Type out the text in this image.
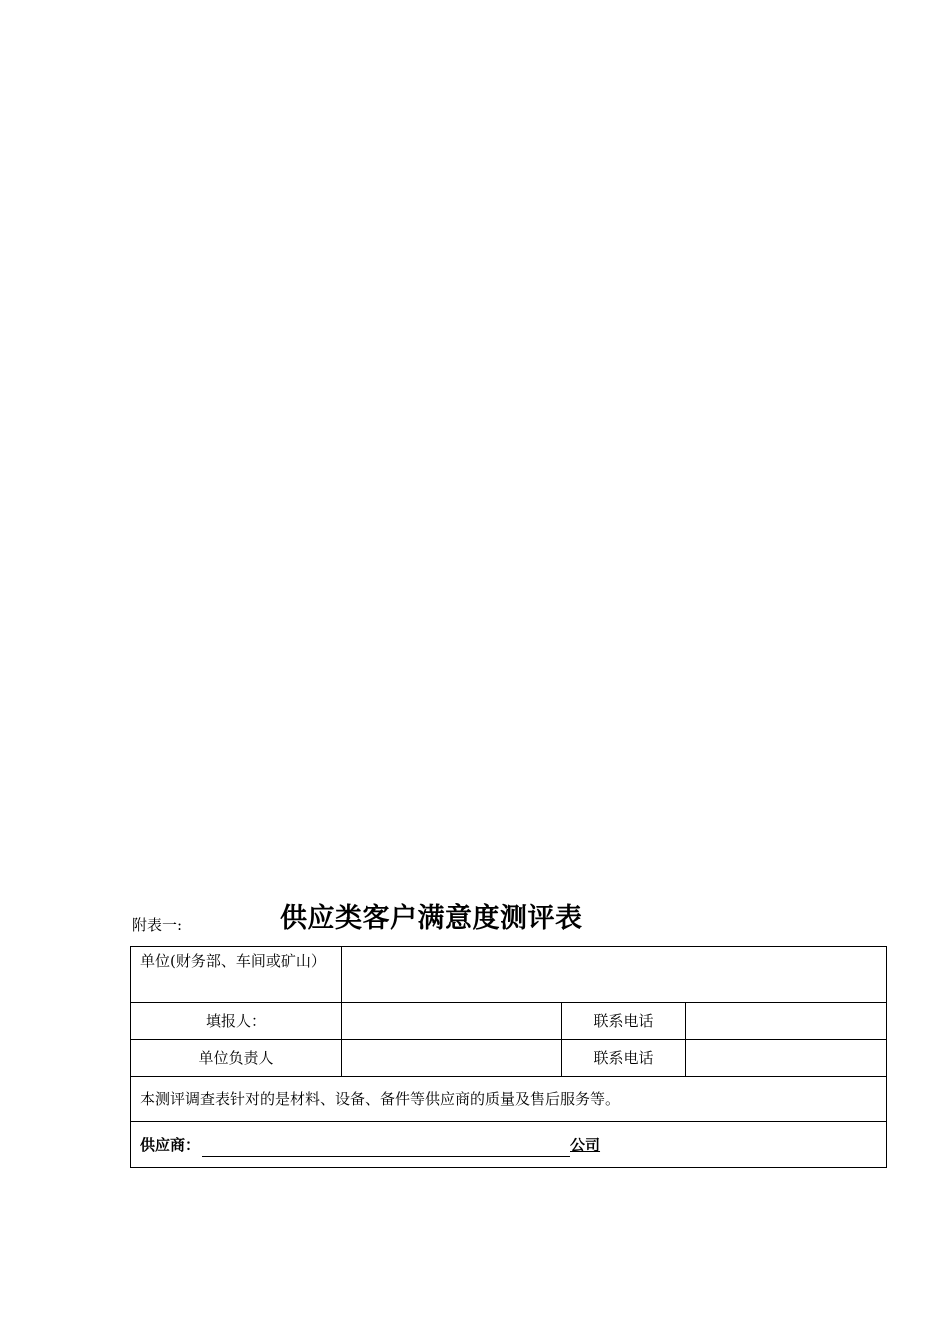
附表一:	供应类客户满意度测评表
单位(财务部、车间或矿山）			
填报人：		联系电话	
单位负责人		联系电话	
本测评调查表针对的是材料、设备、备件等供应商的质量及售后服务等。			
供应商： 公司			
